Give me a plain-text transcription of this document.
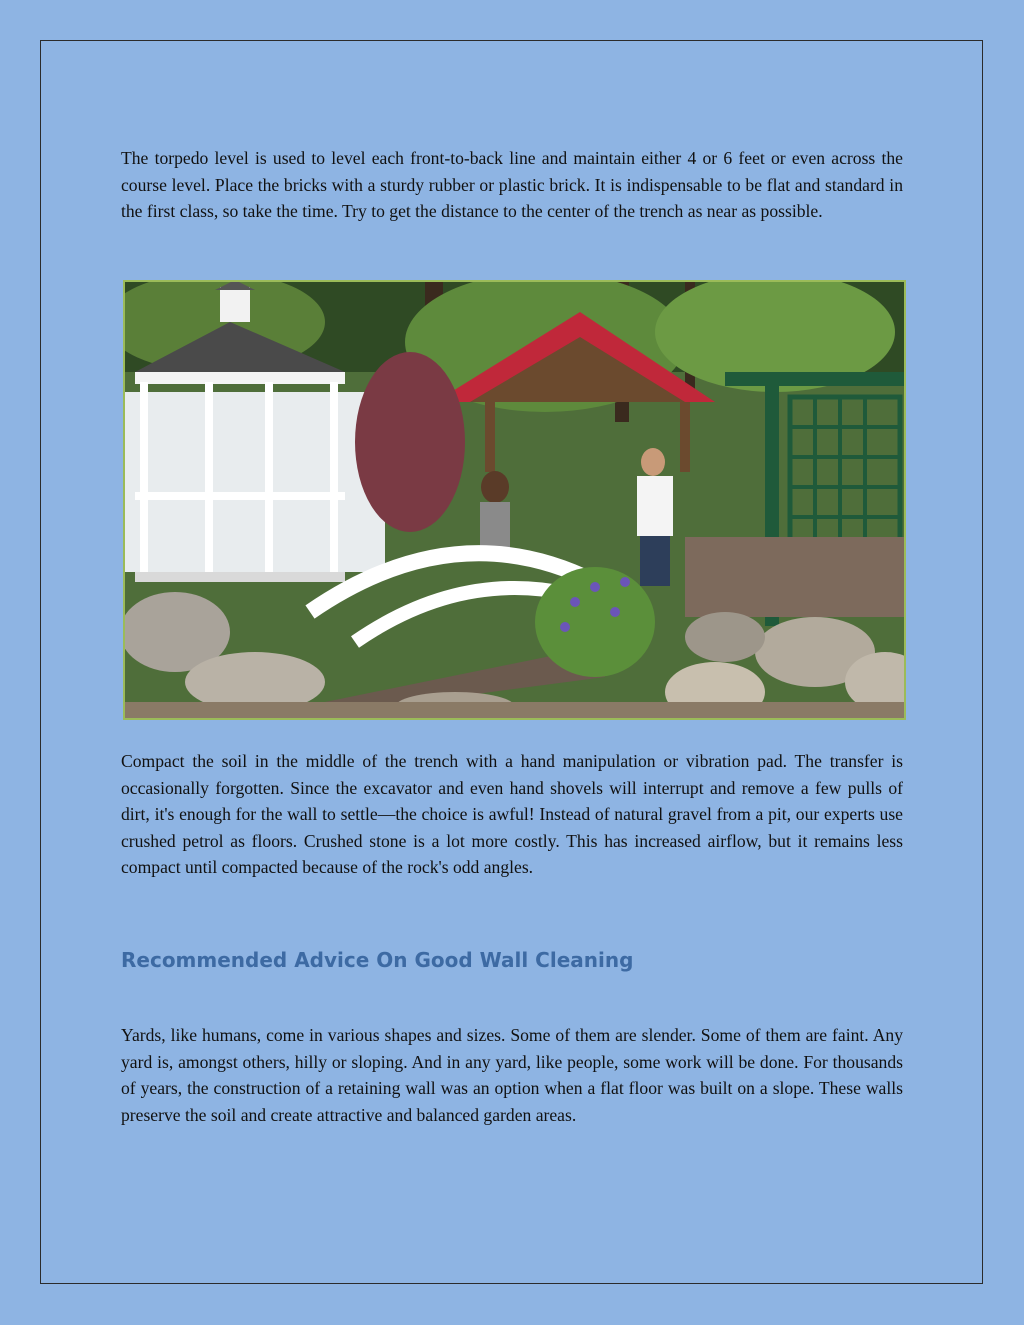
The torpedo level is used to level each front-to-back line and maintain either 4 or 6 feet or even across the course level. Place the bricks with a sturdy rubber or plastic brick. It is indispensable to be flat and standard in the first class, so take the time. Try to get the distance to the center of the trench as near as possible.

Compact the soil in the middle of the trench with a hand manipulation or vibration pad. The transfer is occasionally forgotten. Since the excavator and even hand shovels will interrupt and remove a few pulls of dirt, it's enough for the wall to settle—the choice is awful! Instead of natural gravel from a pit, our experts use crushed petrol as floors. Crushed stone is a lot more costly. This has increased airflow, but it remains less compact until compacted because of the rock's odd angles.

Recommended Advice On Good Wall Cleaning

Yards, like humans, come in various shapes and sizes. Some of them are slender. Some of them are faint. Any yard is, amongst others, hilly or sloping. And in any yard, like people, some work will be done. For thousands of years, the construction of a retaining wall was an option when a flat floor was built on a slope. These walls preserve the soil and create attractive and balanced garden areas.
